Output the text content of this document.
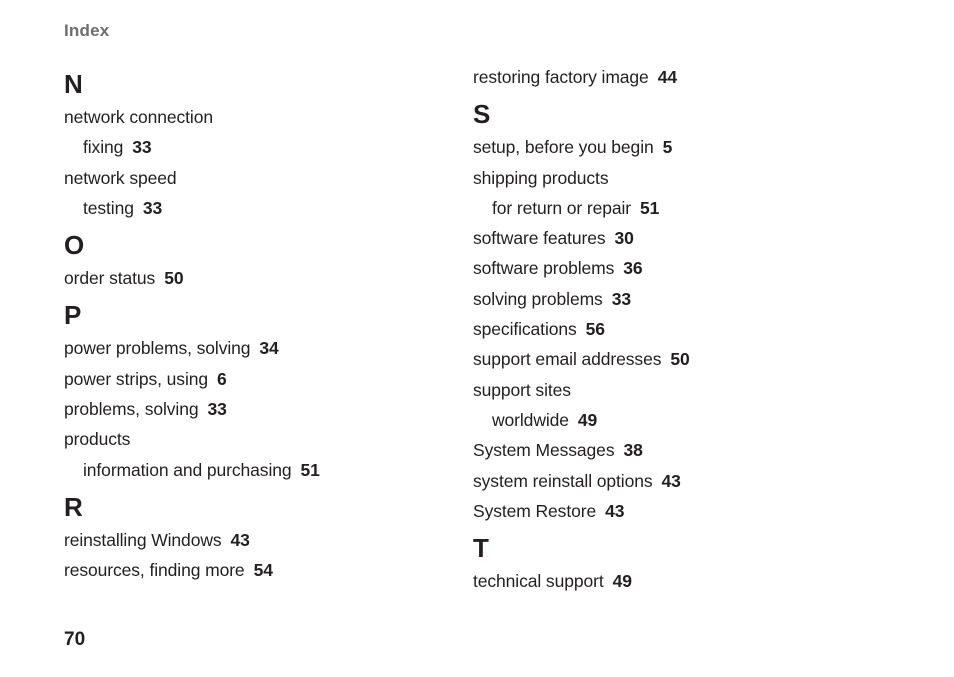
Index
N
network connection
fixing 33
network speed
testing 33
O
order status 50
P
power problems, solving 34
power strips, using 6
problems, solving 33
products
information and purchasing 51
R
reinstalling Windows 43
resources, finding more 54
restoring factory image 44
S
setup, before you begin 5
shipping products
for return or repair 51
software features 30
software problems 36
solving problems 33
specifications 56
support email addresses 50
support sites
worldwide 49
System Messages 38
system reinstall options 43
System Restore 43
T
technical support 49
70
